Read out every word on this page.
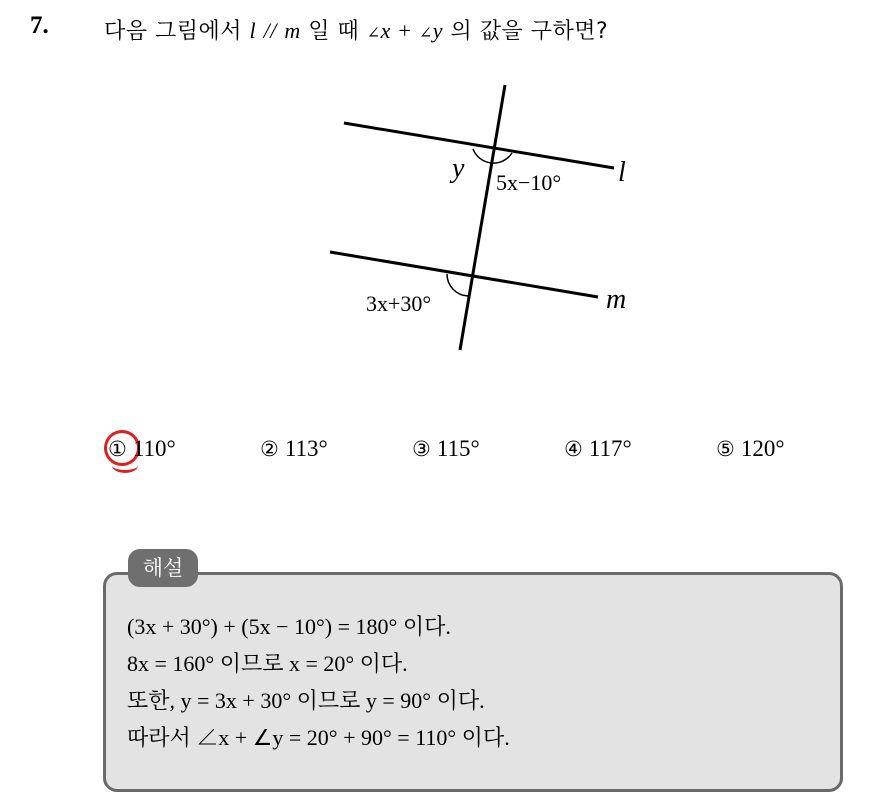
7.	다음 그림에서 l // m 일 때 ∠x + ∠y 의 값을 구하면?
y 5x−10° l
3x+30°	m
① 110°	② 113°	③ 115°	④ 117°	⑤ 120°
해설
(3x + 30°) + (5x − 10°) = 180° 이다.
8x = 160° 이므로 x = 20° 이다.
또한, y = 3x + 30° 이므로 y = 90° 이다.
따라서 ∠x + ∠y = 20° + 90° = 110° 이다.
